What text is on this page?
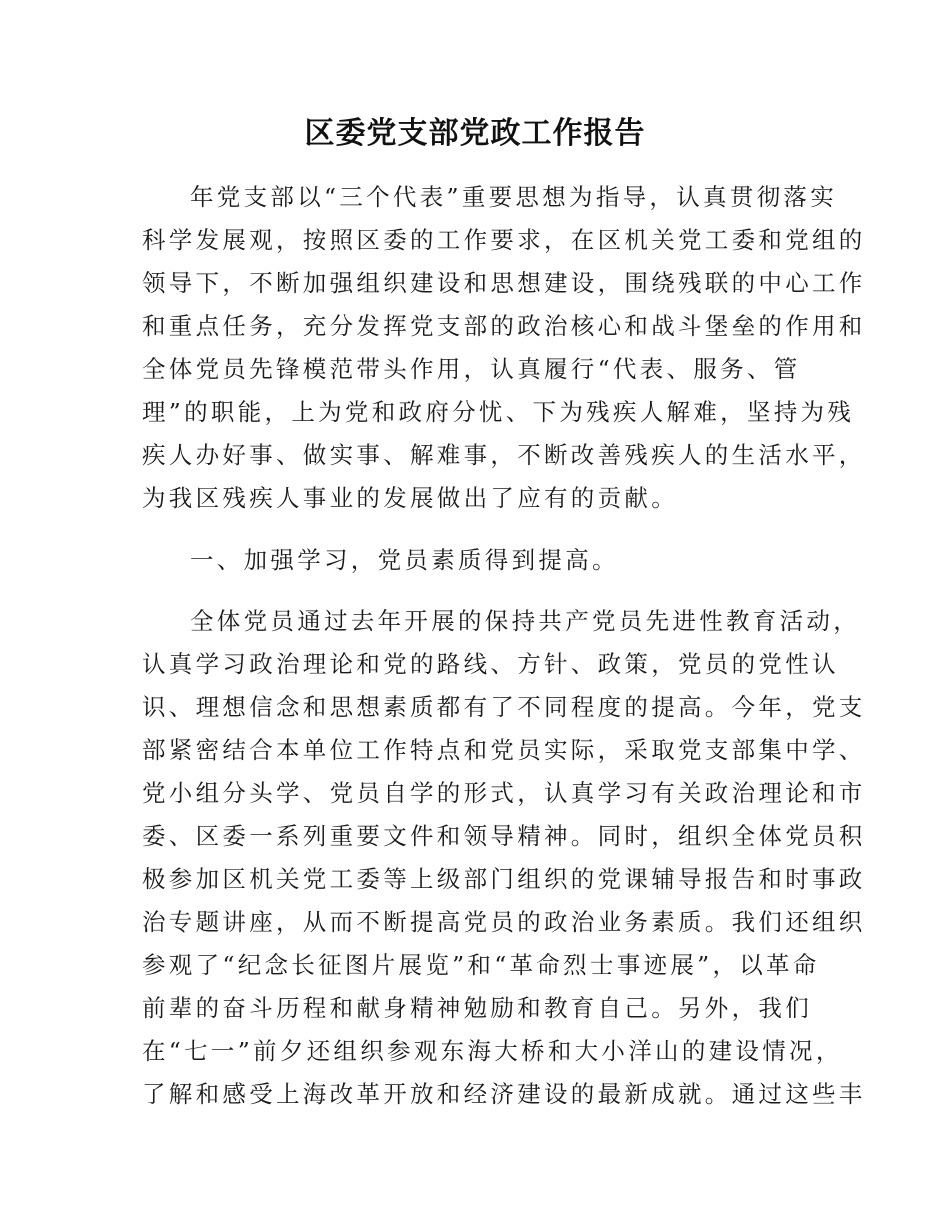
区委党支部党政工作报告
年党支部以“三个代表”重要思想为指导，认真贯彻落实
科学发展观，按照区委的工作要求，在区机关党工委和党组的
领导下，不断加强组织建设和思想建设，围绕残联的中心工作
和重点任务，充分发挥党支部的政治核心和战斗堡垒的作用和
全体党员先锋模范带头作用，认真履行“代表、服务、管
理”的职能，上为党和政府分忧、下为残疾人解难，坚持为残
疾人办好事、做实事、解难事，不断改善残疾人的生活水平，
为我区残疾人事业的发展做出了应有的贡献。
一、加强学习，党员素质得到提高。
全体党员通过去年开展的保持共产党员先进性教育活动，
认真学习政治理论和党的路线、方针、政策，党员的党性认
识、理想信念和思想素质都有了不同程度的提高。今年，党支
部紧密结合本单位工作特点和党员实际，采取党支部集中学、
党小组分头学、党员自学的形式，认真学习有关政治理论和市
委、区委一系列重要文件和领导精神。同时，组织全体党员积
极参加区机关党工委等上级部门组织的党课辅导报告和时事政
治专题讲座，从而不断提高党员的政治业务素质。我们还组织
参观了“纪念长征图片展览”和“革命烈士事迹展”，以革命
前辈的奋斗历程和献身精神勉励和教育自己。另外，我们
在“七一”前夕还组织参观东海大桥和大小洋山的建设情况，
了解和感受上海改革开放和经济建设的最新成就。通过这些丰
